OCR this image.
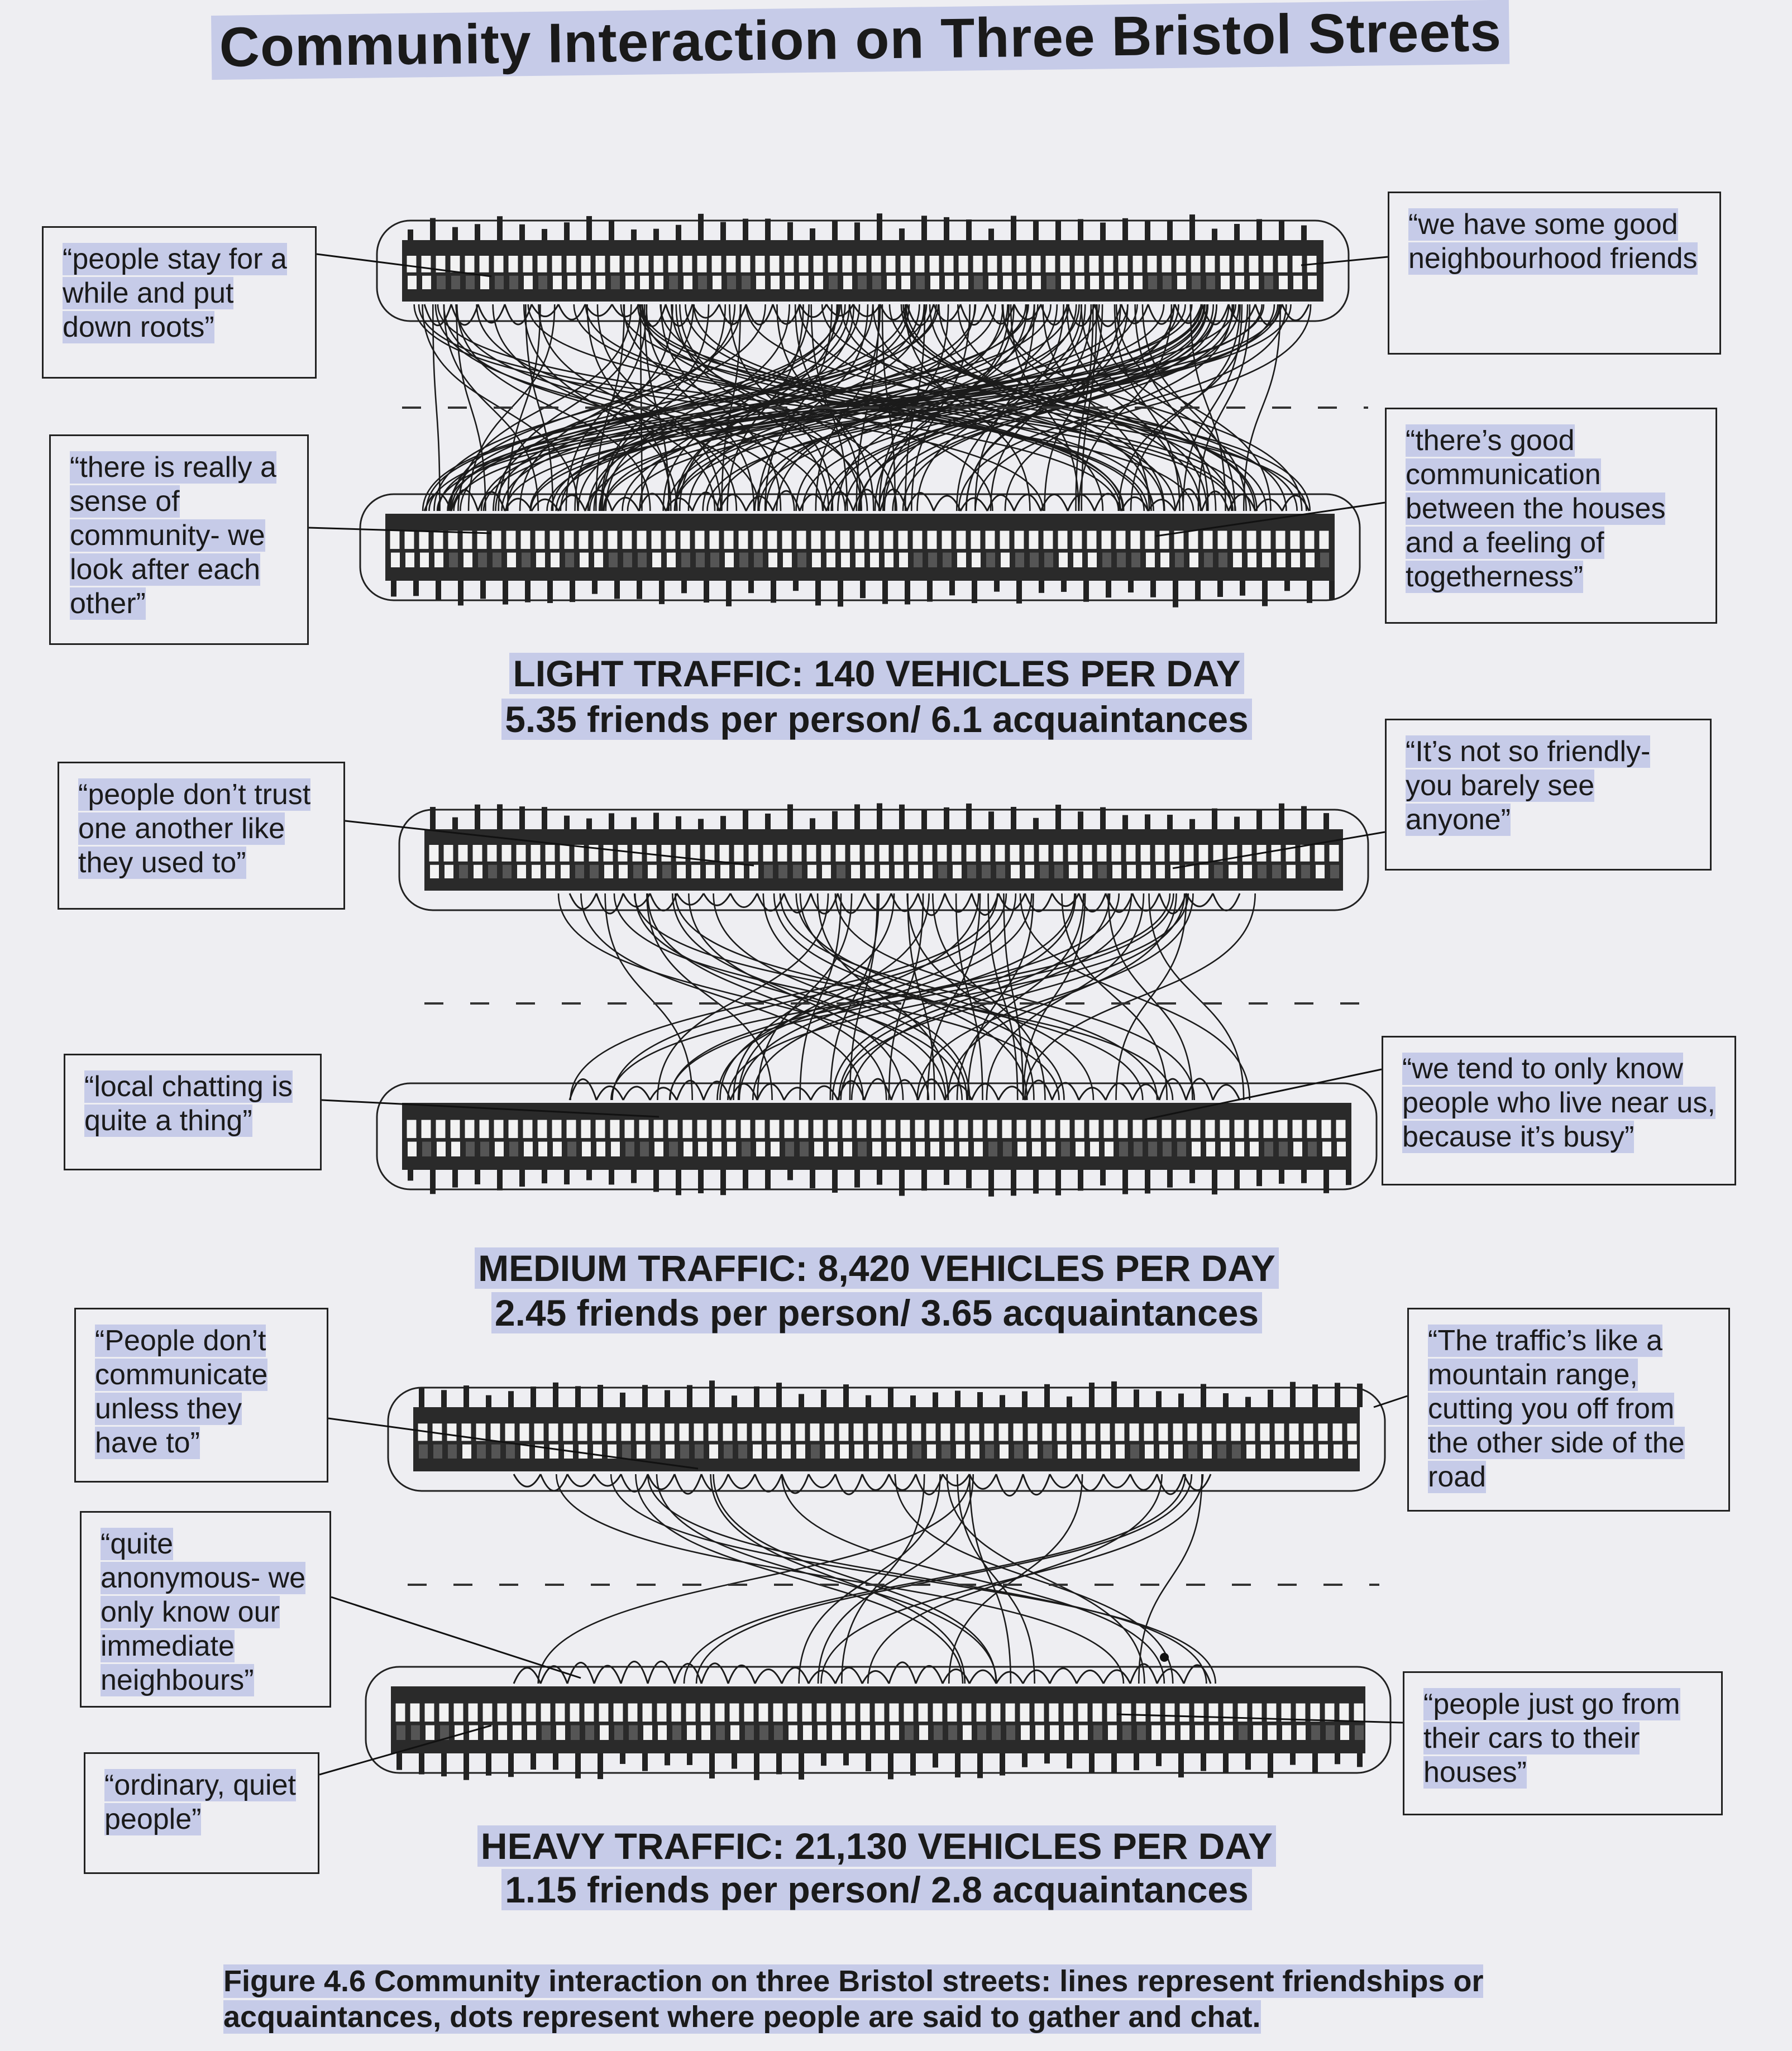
Community Interaction on Three Bristol Streets
“people stay for a while and put down roots”
“there is really a sense of community- we look after each other”
“we have some good neighbourhood friends
“there’s good communication between the houses and a feeling of togetherness”
LIGHT TRAFFIC: 140 VEHICLES PER DAY
5.35 friends per person/ 6.1 acquaintances
“people don’t trust one another like they used to”
“local chatting is quite a thing”
“It’s not so friendly- you barely see anyone”
“we tend to only know people who live near us, because it’s busy”
MEDIUM TRAFFIC: 8,420 VEHICLES PER DAY
2.45 friends per person/ 3.65 acquaintances
“People don’t communicate unless they have to”
“quite anonymous- we only know our immediate neighbours”
“ordinary, quiet people”
“The traffic’s like a mountain range, cutting you off from the other side of the road
“people just go from their cars to their houses”
HEAVY TRAFFIC: 21,130 VEHICLES PER DAY
1.15 friends per person/ 2.8 acquaintances
Figure 4.6 Community interaction on three Bristol streets: lines represent friendships or acquaintances, dots represent where people are said to gather and chat.
